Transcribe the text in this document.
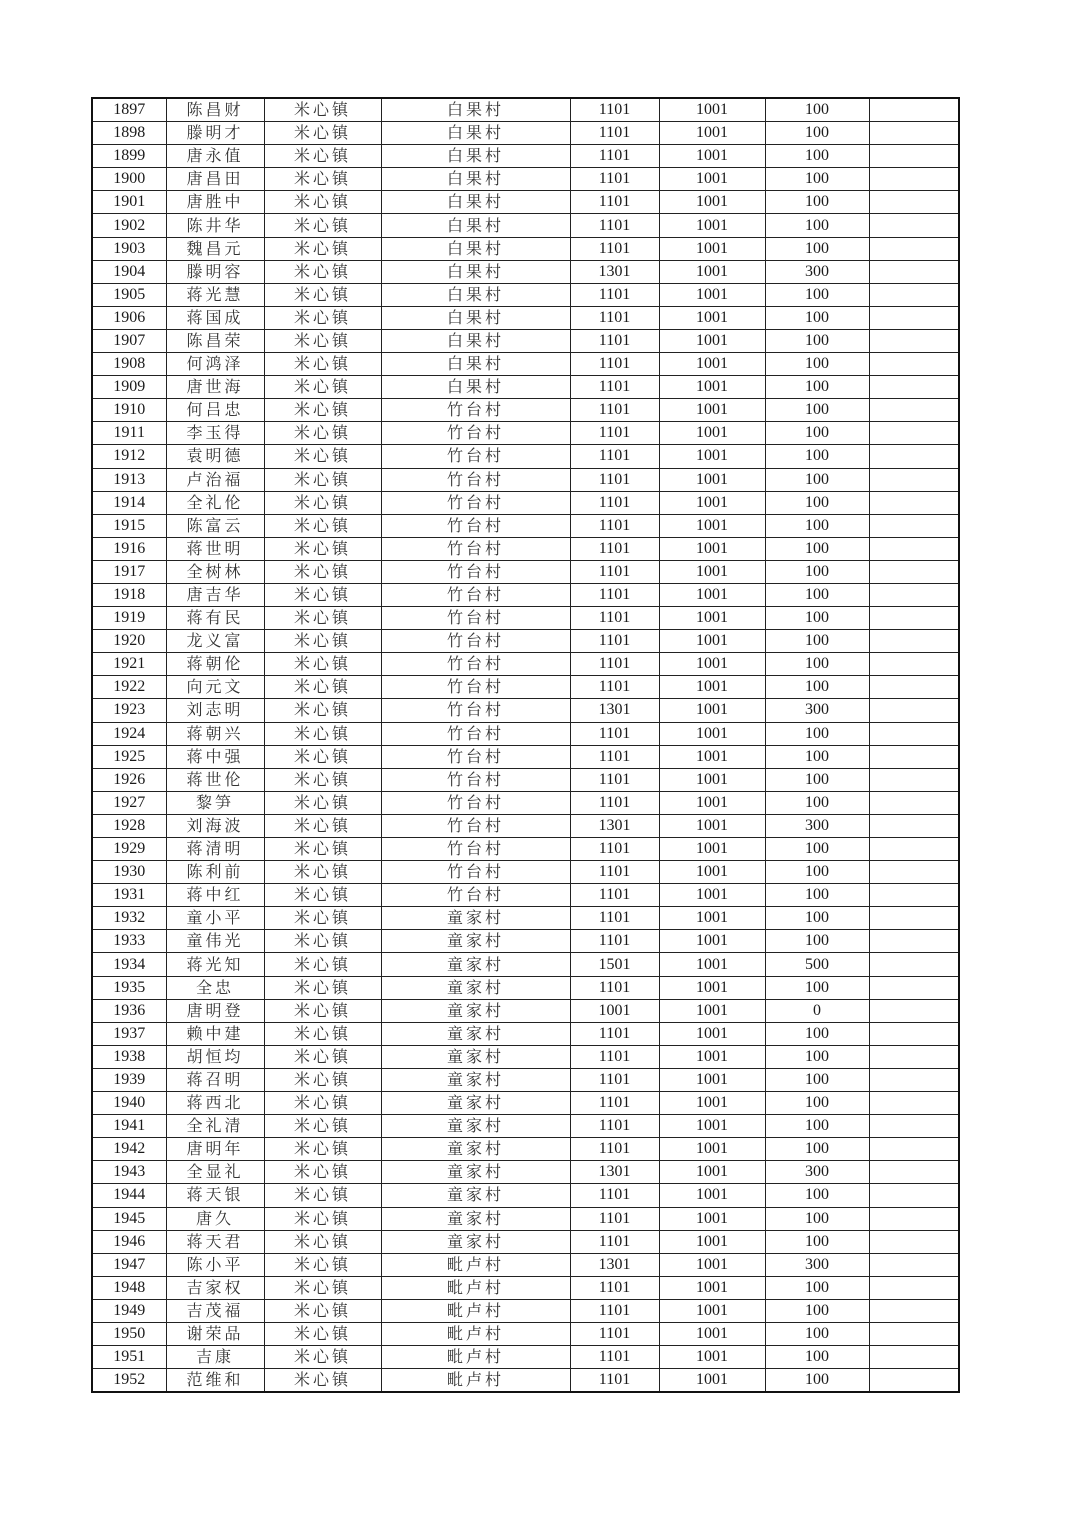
1897	陈昌财	米心镇	白果村	1101	1001	100	
1898	滕明才	米心镇	白果村	1101	1001	100	
1899	唐永值	米心镇	白果村	1101	1001	100	
1900	唐昌田	米心镇	白果村	1101	1001	100	
1901	唐胜中	米心镇	白果村	1101	1001	100	
1902	陈井华	米心镇	白果村	1101	1001	100	
1903	魏昌元	米心镇	白果村	1101	1001	100	
1904	滕明容	米心镇	白果村	1301	1001	300	
1905	蒋光慧	米心镇	白果村	1101	1001	100	
1906	蒋国成	米心镇	白果村	1101	1001	100	
1907	陈昌荣	米心镇	白果村	1101	1001	100	
1908	何鸿泽	米心镇	白果村	1101	1001	100	
1909	唐世海	米心镇	白果村	1101	1001	100	
1910	何吕忠	米心镇	竹台村	1101	1001	100	
1911	李玉得	米心镇	竹台村	1101	1001	100	
1912	袁明德	米心镇	竹台村	1101	1001	100	
1913	卢治福	米心镇	竹台村	1101	1001	100	
1914	全礼伦	米心镇	竹台村	1101	1001	100	
1915	陈富云	米心镇	竹台村	1101	1001	100	
1916	蒋世明	米心镇	竹台村	1101	1001	100	
1917	全树林	米心镇	竹台村	1101	1001	100	
1918	唐吉华	米心镇	竹台村	1101	1001	100	
1919	蒋有民	米心镇	竹台村	1101	1001	100	
1920	龙义富	米心镇	竹台村	1101	1001	100	
1921	蒋朝伦	米心镇	竹台村	1101	1001	100	
1922	向元文	米心镇	竹台村	1101	1001	100	
1923	刘志明	米心镇	竹台村	1301	1001	300	
1924	蒋朝兴	米心镇	竹台村	1101	1001	100	
1925	蒋中强	米心镇	竹台村	1101	1001	100	
1926	蒋世伦	米心镇	竹台村	1101	1001	100	
1927	黎笋	米心镇	竹台村	1101	1001	100	
1928	刘海波	米心镇	竹台村	1301	1001	300	
1929	蒋清明	米心镇	竹台村	1101	1001	100	
1930	陈利前	米心镇	竹台村	1101	1001	100	
1931	蒋中红	米心镇	竹台村	1101	1001	100	
1932	童小平	米心镇	童家村	1101	1001	100	
1933	童伟光	米心镇	童家村	1101	1001	100	
1934	蒋光知	米心镇	童家村	1501	1001	500	
1935	全忠	米心镇	童家村	1101	1001	100	
1936	唐明登	米心镇	童家村	1001	1001	0	
1937	赖中建	米心镇	童家村	1101	1001	100	
1938	胡恒均	米心镇	童家村	1101	1001	100	
1939	蒋召明	米心镇	童家村	1101	1001	100	
1940	蒋西北	米心镇	童家村	1101	1001	100	
1941	全礼清	米心镇	童家村	1101	1001	100	
1942	唐明年	米心镇	童家村	1101	1001	100	
1943	全显礼	米心镇	童家村	1301	1001	300	
1944	蒋天银	米心镇	童家村	1101	1001	100	
1945	唐久	米心镇	童家村	1101	1001	100	
1946	蒋天君	米心镇	童家村	1101	1001	100	
1947	陈小平	米心镇	毗卢村	1301	1001	300	
1948	吉家权	米心镇	毗卢村	1101	1001	100	
1949	吉茂福	米心镇	毗卢村	1101	1001	100	
1950	谢荣品	米心镇	毗卢村	1101	1001	100	
1951	吉康	米心镇	毗卢村	1101	1001	100	
1952	范维和	米心镇	毗卢村	1101	1001	100	
